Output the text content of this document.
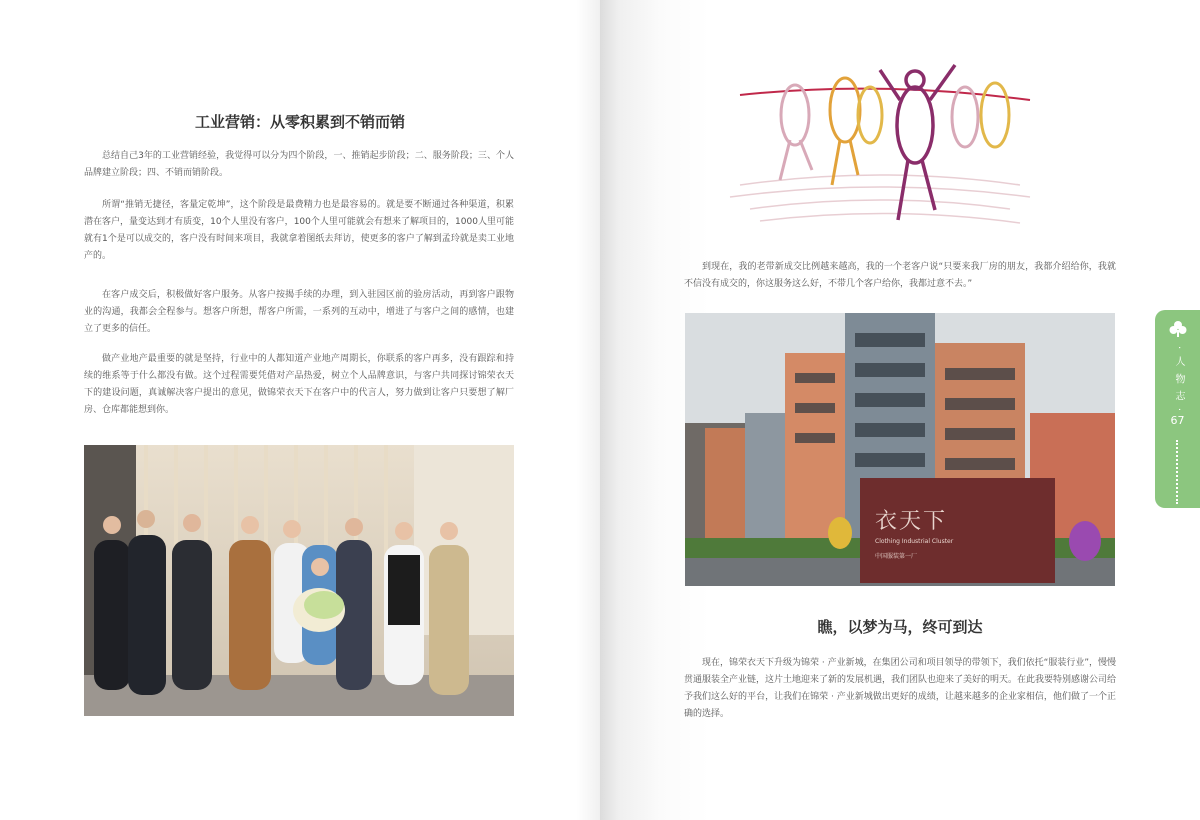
工业营销：从零积累到不销而销

总结自己3年的工业营销经验，我觉得可以分为四个阶段，一、推销起步阶段；二、服务阶段；三、个人品牌建立阶段；四、不销而销阶段。

所谓“推销无捷径，客量定乾坤”，这个阶段是最费精力也是最容易的。就是要不断通过各种渠道，积累潜在客户，量变达到才有质变，10个人里没有客户，100个人里可能就会有想来了解项目的，1000人里可能就有1个是可以成交的，客户没有时间来项目，我就拿着图纸去拜访，使更多的客户了解到孟玲就是卖工业地产的。

在客户成交后，积极做好客户服务。从客户按揭手续的办理，到入驻园区前的验房活动，再到客户跟物业的沟通，我都会全程参与。想客户所想，帮客户所需，一系列的互动中，增进了与客户之间的感情，也建立了更多的信任。

做产业地产最重要的就是坚持，行业中的人都知道产业地产周期长，你联系的客户再多，没有跟踪和持续的维系等于什么都没有做。这个过程需要凭借对产品热爱，树立个人品牌意识，与客户共同探讨锦荣衣天下的建设问题，真诚解决客户提出的意见，做锦荣衣天下在客户中的代言人，努力做到让客户只要想了解厂房、仓库都能想到你。

到现在，我的老带新成交比例越来越高，我的一个老客户说“只要来我厂房的朋友，我都介绍给你，我就不信没有成交的，你这服务这么好，不带几个客户给你，我都过意不去。”

衣天下
Clothing Industrial Cluster
中国服装第一厂
瞧，以梦为马，终可到达

现在，锦荣衣天下升级为锦荣 · 产业新城，在集团公司和项目领导的带领下，我们依托“服装行业”，慢慢贯通服装全产业链，这片土地迎来了新的发展机遇，我们团队也迎来了美好的明天。在此我要特别感谢公司给予我们这么好的平台，让我们在锦荣 · 产业新城做出更好的成绩，让越来越多的企业家相信，他们做了一个正确的选择。

· 人 物 志 ·
67
